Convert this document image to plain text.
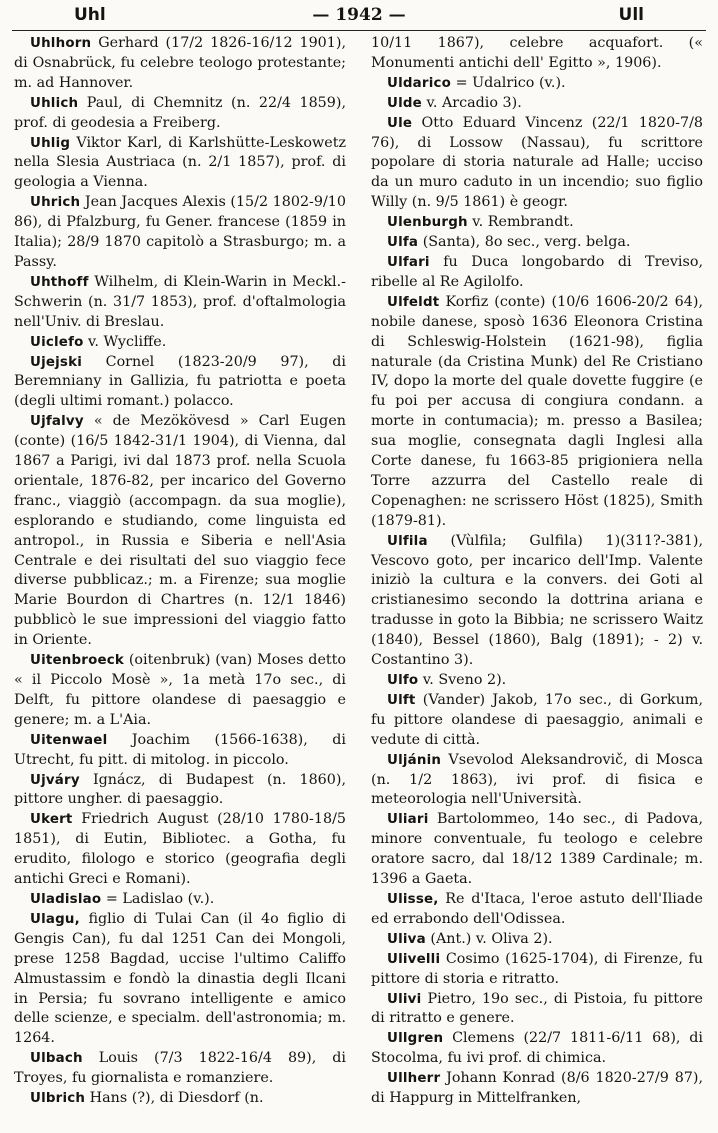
Uhl	— 1942 —	Ull

Uhlhorn Gerhard (17/2 1826-16/12 1901), di Osnabrück, fu celebre teologo protestante; m. ad Hannover.

Uhlich Paul, di Chemnitz (n. 22/4 1859), prof. di geodesia a Freiberg.

Uhlig Viktor Karl, di Karlshütte-Leskowetz nella Slesia Austriaca (n. 2/1 1857), prof. di geologia a Vienna.

Uhrich Jean Jacques Alexis (15/2 1802-9/10 86), di Pfalzburg, fu Gener. francese (1859 in Italia); 28/9 1870 capitolò a Strasburgo; m. a Passy.

Uhthoff Wilhelm, di Klein-Warin in Meckl.-Schwerin (n. 31/7 1853), prof. d'oftalmologia nell'Univ. di Breslau.

Uiclefo v. Wycliffe.

Ujejski Cornel (1823-20/9 97), di Beremniany in Gallizia, fu patriotta e poeta (degli ultimi romant.) polacco.

Ujfalvy « de Mezökövesd » Carl Eugen (conte) (16/5 1842-31/1 1904), di Vienna, dal 1867 a Parigi, ivi dal 1873 prof. nella Scuola orientale, 1876-82, per incarico del Governo franc., viaggiò (accompagn. da sua moglie), esplorando e studiando, come linguista ed antropol., in Russia e Siberia e nell'Asia Centrale e dei risultati del suo viaggio fece diverse pubblicaz.; m. a Firenze; sua moglie Marie Bourdon di Chartres (n. 12/1 1846) pubblicò le sue impressioni del viaggio fatto in Oriente.

Uitenbroeck (oitenbruk) (van) Moses detto « il Piccolo Mosè », 1a metà 17o sec., di Delft, fu pittore olandese di paesaggio e genere; m. a L'Aia.

Uitenwael Joachim (1566-1638), di Utrecht, fu pitt. di mitolog. in piccolo.

Ujváry Ignácz, di Budapest (n. 1860), pittore ungher. di paesaggio.

Ukert Friedrich August (28/10 1780-18/5 1851), di Eutin, Bibliotec. a Gotha, fu erudito, filologo e storico (geografia degli antichi Greci e Romani).

Uladislao = Ladislao (v.).

Ulagu, figlio di Tulai Can (il 4o figlio di Gengis Can), fu dal 1251 Can dei Mongoli, prese 1258 Bagdad, uccise l'ultimo Califfo Almustassim e fondò la dinastia degli Ilcani in Persia; fu sovrano intelligente e amico delle scienze, e specialm. dell'astronomia; m. 1264.

Ulbach Louis (7/3 1822-16/4 89), di Troyes, fu giornalista e romanziere.

Ulbrich Hans (?), di Diesdorf (n.

10/11 1867), celebre acquafort. (« Monumenti antichi dell' Egitto », 1906).

Uldarico = Udalrico (v.).

Ulde v. Arcadio 3).

Ule Otto Eduard Vincenz (22/1 1820-7/8 76), di Lossow (Nassau), fu scrittore popolare di storia naturale ad Halle; ucciso da un muro caduto in un incendio; suo figlio Willy (n. 9/5 1861) è geogr.

Ulenburgh v. Rembrandt.

Ulfa (Santa), 8o sec., verg. belga.

Ulfari fu Duca longobardo di Treviso, ribelle al Re Agilolfo.

Ulfeldt Korfiz (conte) (10/6 1606-20/2 64), nobile danese, sposò 1636 Eleonora Cristina di Schleswig-Holstein (1621-98), figlia naturale (da Cristina Munk) del Re Cristiano IV, dopo la morte del quale dovette fuggire (e fu poi per accusa di congiura condann. a morte in contumacia); m. presso a Basilea; sua moglie, consegnata dagli Inglesi alla Corte danese, fu 1663-85 prigioniera nella Torre azzurra del Castello reale di Copenaghen: ne scrissero Höst (1825), Smith (1879-81).

Ulfila (Vùlfila; Gulfila) 1)(311?-381), Vescovo goto, per incarico dell'Imp. Valente iniziò la cultura e la convers. dei Goti al cristianesimo secondo la dottrina ariana e tradusse in goto la Bibbia; ne scrissero Waitz (1840), Bessel (1860), Balg (1891); - 2) v. Costantino 3).

Ulfo v. Sveno 2).

Ulft (Vander) Jakob, 17o sec., di Gorkum, fu pittore olandese di paesaggio, animali e vedute di città.

Uljánin Vsevolod Aleksandrovič, di Mosca (n. 1/2 1863), ivi prof. di fisica e meteorologia nell'Università.

Uliari Bartolommeo, 14o sec., di Padova, minore conventuale, fu teologo e celebre oratore sacro, dal 18/12 1389 Cardinale; m. 1396 a Gaeta.

Ulisse, Re d'Itaca, l'eroe astuto dell'Iliade ed errabondo dell'Odissea.

Uliva (Ant.) v. Oliva 2).

Ulivelli Cosimo (1625-1704), di Firenze, fu pittore di storia e ritratto.

Ulivi Pietro, 19o sec., di Pistoia, fu pittore di ritratto e genere.

Ullgren Clemens (22/7 1811-6/11 68), di Stocolma, fu ivi prof. di chimica.

Ullherr Johann Konrad (8/6 1820-27/9 87), di Happurg in Mittelfranken,
